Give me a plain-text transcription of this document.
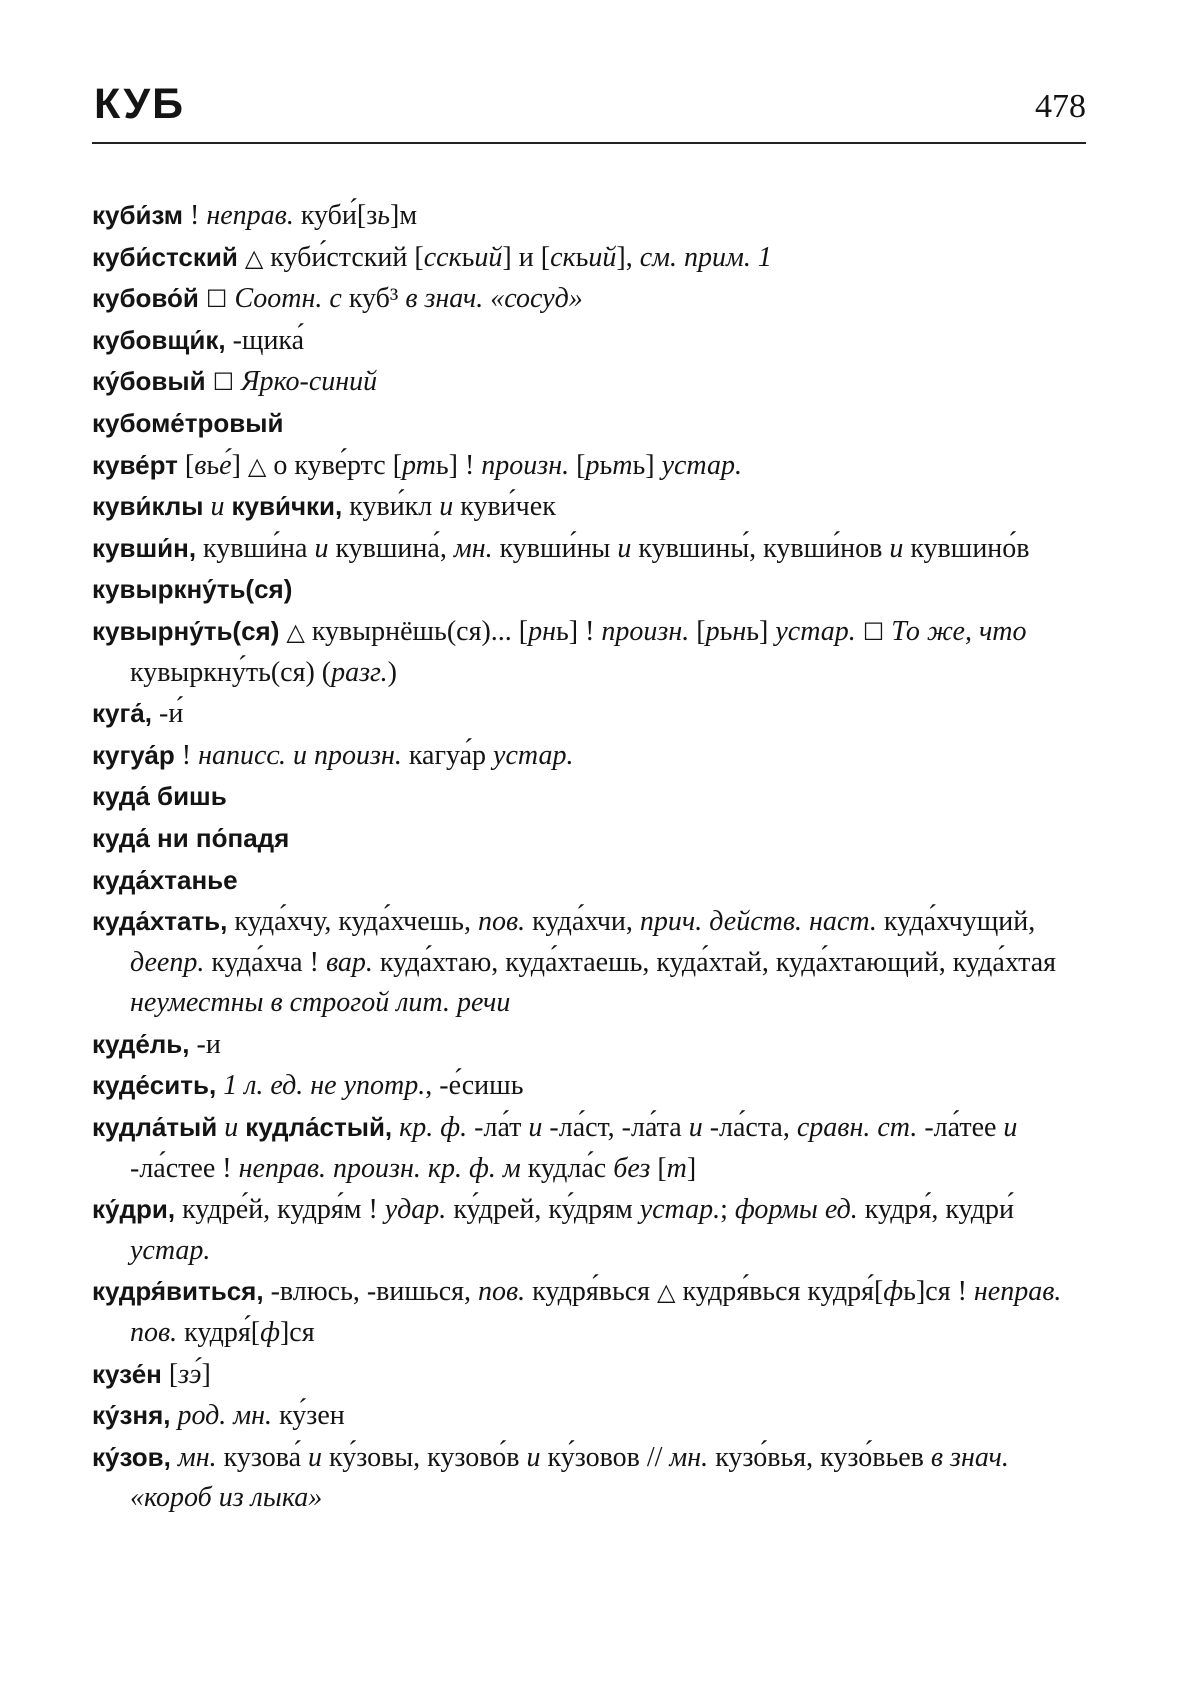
КУБ	478
куби́зм ! неправ. куби́[зь]м
куби́стский △ куби́стский [сскьий] и [скьий], см. прим. 1
кубово́й ☐ Соотн. с куб³ в знач. «сосуд»
кубовщи́к, -щика́
ку́бовый ☐ Ярко-синий
кубоме́тровый
куве́рт [вье́] △ о куве́ртс [рть] ! произн. [рьть] устар.
куви́клы и куви́чки, куви́кл и куви́чек
кувши́н, кувши́на и кувшина́, мн. кувши́ны и кувшины́, кувши́нов и кувшино́в
кувыркну́ть(ся)
кувырну́ть(ся) △ кувырнёшь(ся)... [рнь] ! произн. [рьнь] устар. ☐ То же, что кувыркну́ть(ся) (разг.)
куга́, -и́
кугуа́р ! написᴄ. и произн. кагуа́р устар.
куда́ бишь
куда́ ни по́падя
куда́хтанье
куда́хтать, куда́хчу, куда́хчешь, пов. куда́хчи, прич. действ. наст. куда́хчущий, деепр. куда́хча ! вар. куда́хтаю, куда́хтаешь, куда́хтай, куда́хтающий, куда́хтая неуместны в строгой лит. речи
куде́ль, -и
куде́сить, 1 л. ед. не употр., -е́сишь
кудла́тый и кудла́стый, кр. ф. -ла́т и -ла́ст, -ла́та и -ла́ста, сравн. ст. -ла́тее и -ла́стее ! неправ. произн. кр. ф. м кудла́с без [т]
ку́дри, кудре́й, кудря́м ! удар. ку́дрей, ку́дрям устар.; формы ед. кудря́, кудри́ устар.
кудря́виться, -влюсь, -вишься, пов. кудря́вься △ кудря́вься кудря́[фь]ся ! неправ. пов. кудря́[ф]ся
кузе́н [зэ́]
ку́зня, род. мн. ку́зен
ку́зов, мн. кузова́ и ку́зовы, кузово́в и ку́зовов // мн. кузо́вья, кузо́вьев в знач. «короб из лыка»
